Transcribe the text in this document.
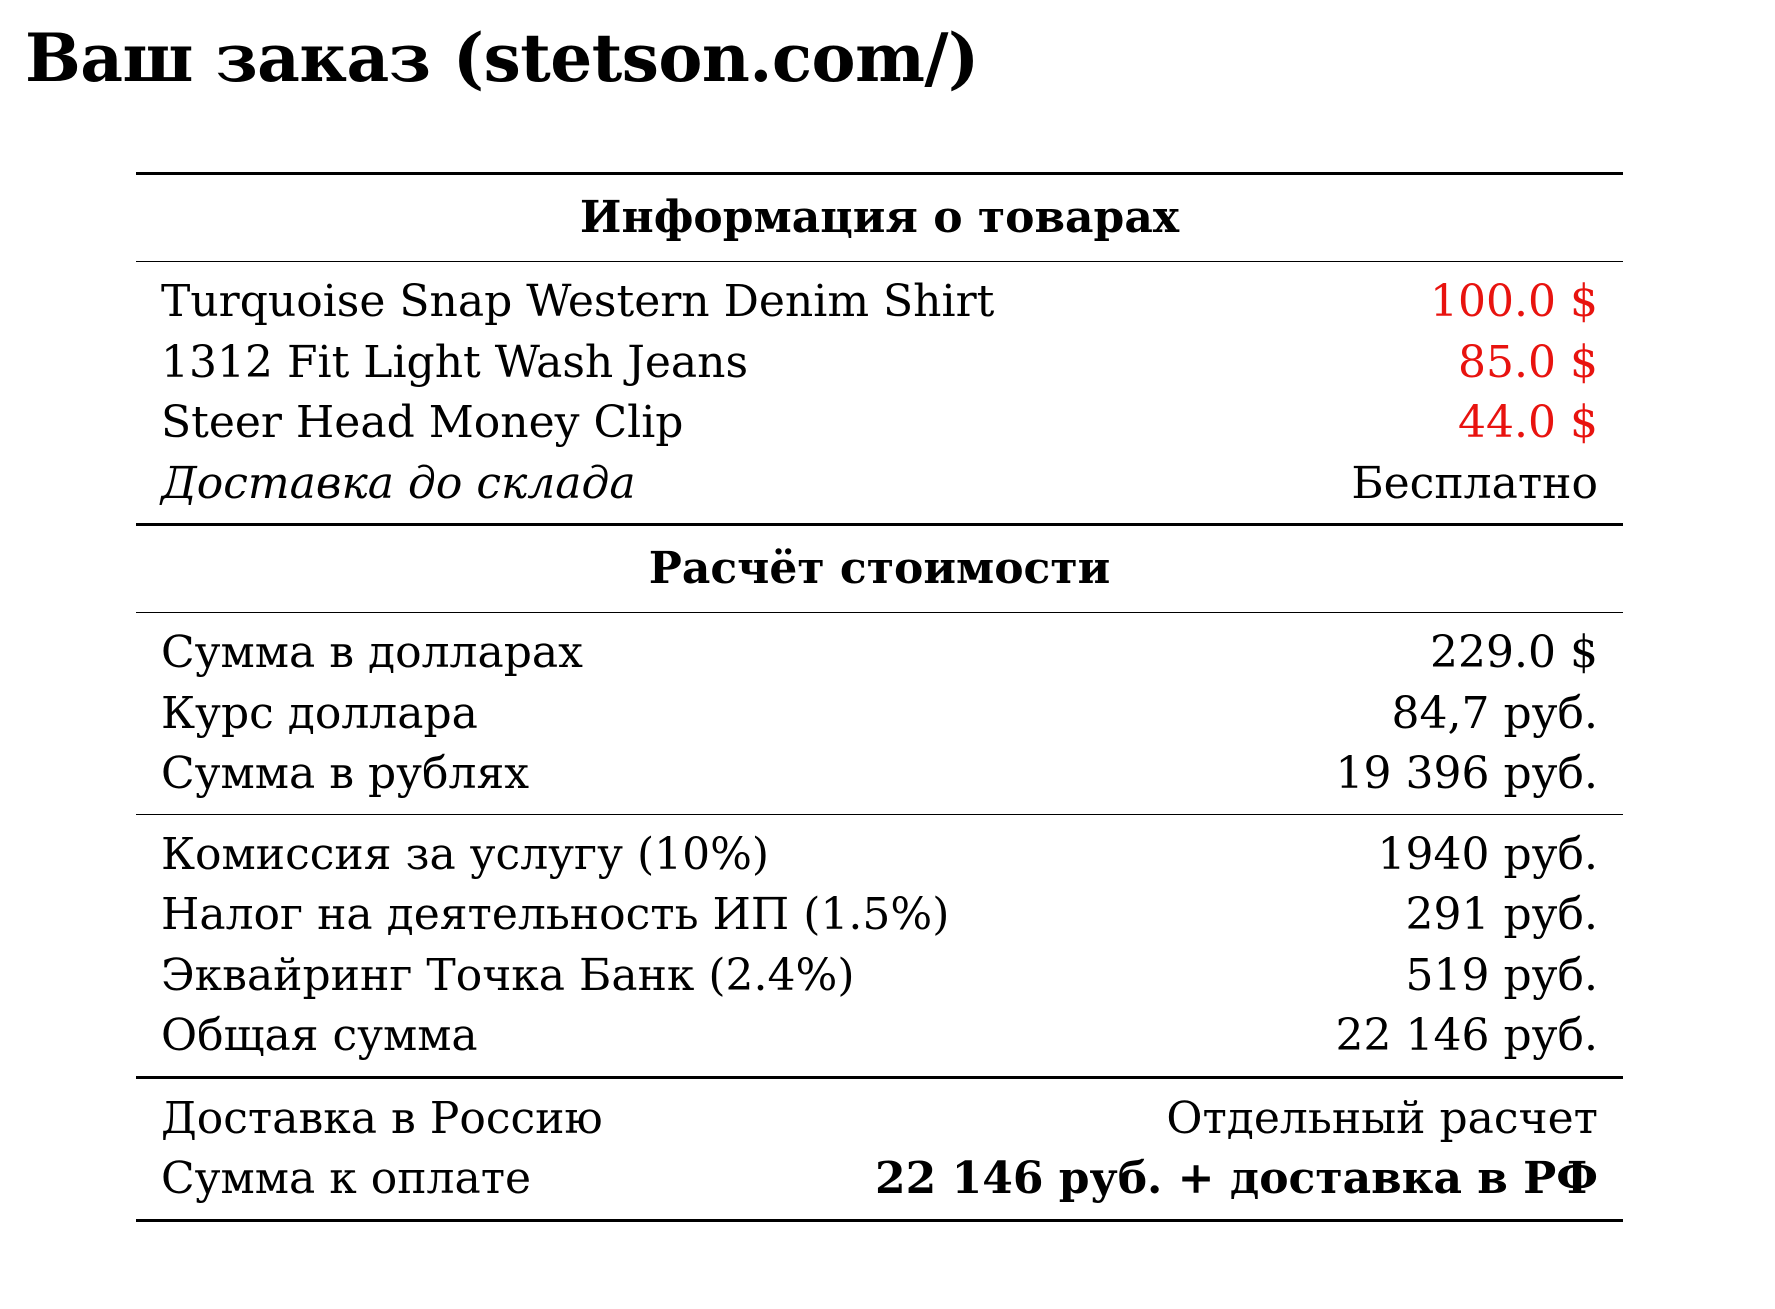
Ваш заказ (stetson.com/)
Информация о товарах
Turquoise Snap Western Denim Shirt	100.0 $
1312 Fit Light Wash Jeans	85.0 $
Steer Head Money Clip	44.0 $
Доставка до склада	Бесплатно
Расчёт стоимости
Сумма в долларах	229.0 $
Курс доллара	84,7 руб.
Сумма в рублях	19 396 руб.
Комиссия за услугу (10%)	1940 руб.
Налог на деятельность ИП (1.5%)	291 руб.
Эквайринг Точка Банк (2.4%)	519 руб.
Общая сумма	22 146 руб.
Доставка в Россию	Отдельный расчет
Сумма к оплате	22 146 руб. + доставка в РФ
